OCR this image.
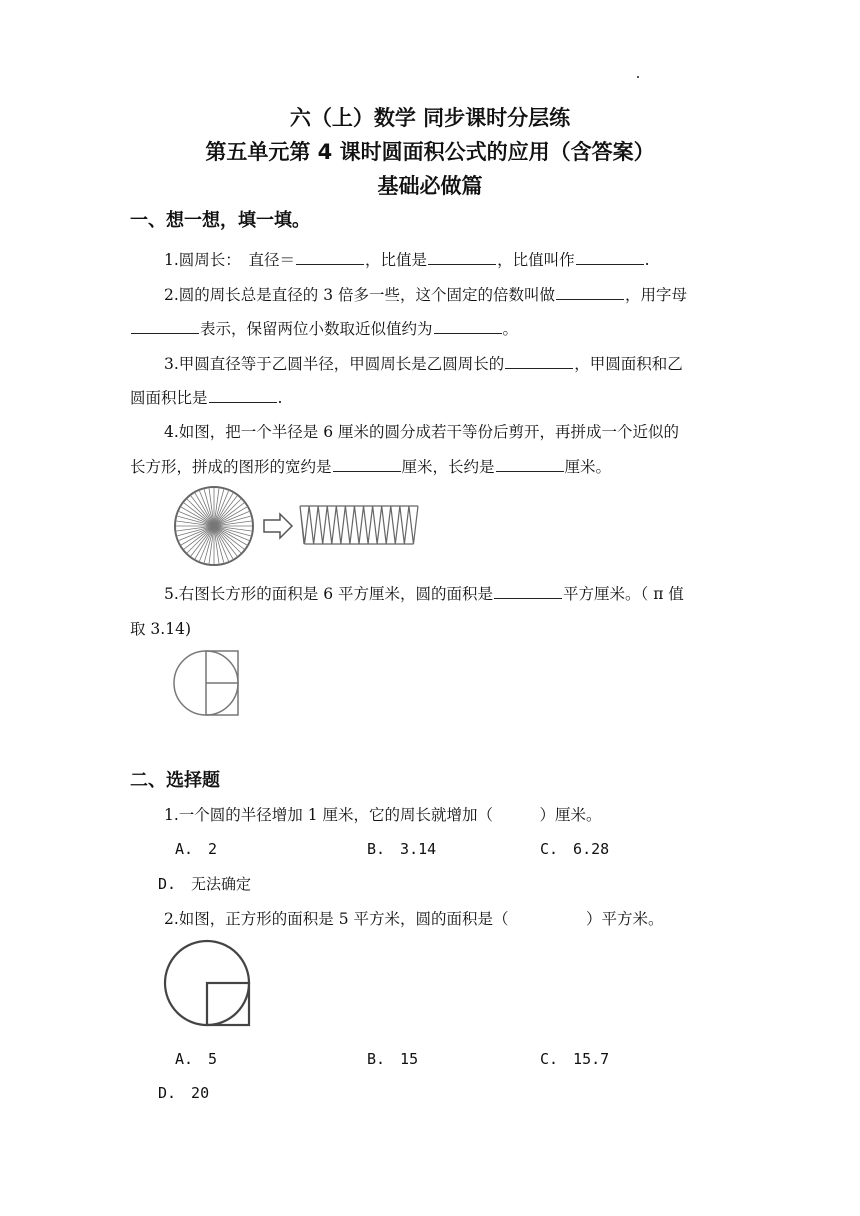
六（上）数学 同步课时分层练
第五单元第 4 课时圆面积公式的应用（含答案）
基础必做篇
一、想一想，填一填。
1.圆周长：　直径＝	，比值是	，比值叫作	.
2.圆的周长总是直径的 3 倍多一些，这个固定的倍数叫做	，用字母
表示，保留两位小数取近似值约为	。
3.甲圆直径等于乙圆半径，甲圆周长是乙圆周长的	，甲圆面积和乙
圆面积比是	.
4.如图，把一个半径是 6 厘米的圆分成若干等份后剪开，再拼成一个近似的
长方形，拼成的图形的宽约是	厘米，长约是	厘米。
5.右图长方形的面积是 6 平方厘米，圆的面积是	平方厘米。（ π 值
取 3.14)
二、选择题
1.一个圆的半径增加 1 厘米，它的周长就增加（　　　）厘米。
A.　2	B.　3.14	C.　6.28
D.　无法确定
2.如图，正方形的面积是 5 平方米，圆的面积是（　　　　　）平方米。
A.　5	B.　15	C.　15.7
D.　20
